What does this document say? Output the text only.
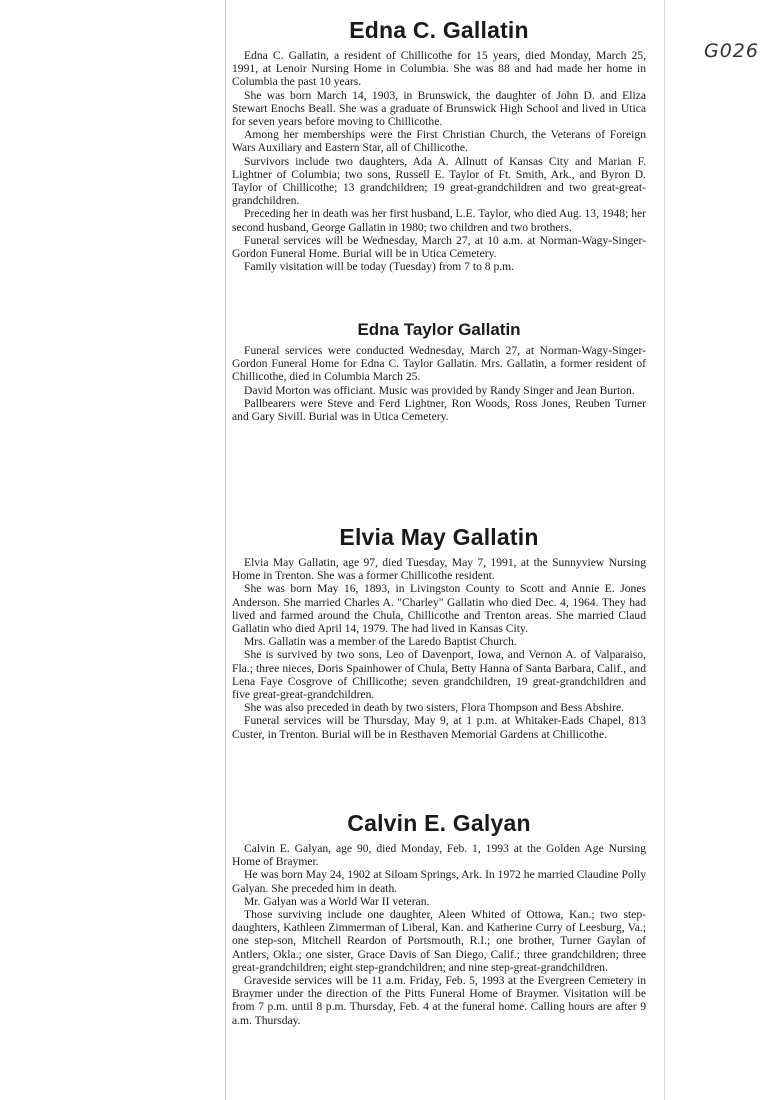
G026
Edna C. Gallatin

Edna C. Gallatin, a resident of Chillicothe for 15 years, died Monday, March 25, 1991, at Lenoir Nursing Home in Columbia. She was 88 and had made her home in Columbia the past 10 years.

She was born March 14, 1903, in Brunswick, the daughter of John D. and Eliza Stewart Enochs Beall. She was a graduate of Brunswick High School and lived in Utica for seven years before moving to Chillicothe.

Among her memberships were the First Christian Church, the Veterans of Foreign Wars Auxiliary and Eastern Star, all of Chillicothe.

Survivors include two daughters, Ada A. Allnutt of Kansas City and Marian F. Lightner of Columbia; two sons, Russell E. Taylor of Ft. Smith, Ark., and Byron D. Taylor of Chillicothe; 13 grandchildren; 19 great-grandchildren and two great-great-grandchildren.

Preceding her in death was her first husband, L.E. Taylor, who died Aug. 13, 1948; her second husband, George Gallatin in 1980; two children and two brothers.

Funeral services will be Wednesday, March 27, at 10 a.m. at Norman-Wagy-Singer-Gordon Funeral Home. Burial will be in Utica Cemetery.

Family visitation will be today (Tuesday) from 7 to 8 p.m.

Edna Taylor Gallatin

Funeral services were conducted Wednesday, March 27, at Norman-Wagy-Singer-Gordon Funeral Home for Edna C. Taylor Gallatin. Mrs. Gallatin, a former resident of Chillicothe, died in Columbia March 25.

David Morton was officiant. Music was provided by Randy Singer and Jean Burton.

Pallbearers were Steve and Ferd Lightner, Ron Woods, Ross Jones, Reuben Turner and Gary Sivill. Burial was in Utica Cemetery.

Elvia May Gallatin

Elvia May Gallatin, age 97, died Tuesday, May 7, 1991, at the Sunnyview Nursing Home in Trenton. She was a former Chillicothe resident.

She was born May 16, 1893, in Livingston County to Scott and Annie E. Jones Anderson. She married Charles A. "Charley" Gallatin who died Dec. 4, 1964. They had lived and farmed around the Chula, Chillicothe and Trenton areas. She married Claud Gallatin who died April 14, 1979. The had lived in Kansas City.

Mrs. Gallatin was a member of the Laredo Baptist Church.

She is survived by two sons, Leo of Davenport, Iowa, and Vernon A. of Valparaiso, Fla.; three nieces, Doris Spainhower of Chula, Betty Hanna of Santa Barbara, Calif., and Lena Faye Cosgrove of Chillicothe; seven grandchildren, 19 great-grandchildren and five great-great-grandchildren.

She was also preceded in death by two sisters, Flora Thompson and Bess Abshire.

Funeral services will be Thursday, May 9, at 1 p.m. at Whitaker-Eads Chapel, 813 Custer, in Trenton. Burial will be in Resthaven Memorial Gardens at Chillicothe.

Calvin E. Galyan

Calvin E. Galyan, age 90, died Monday, Feb. 1, 1993 at the Golden Age Nursing Home of Braymer.

He was born May 24, 1902 at Siloam Springs, Ark. In 1972 he married Claudine Polly Galyan. She preceded him in death.

Mr. Galyan was a World War II veteran.

Those surviving include one daughter, Aleen Whited of Ottowa, Kan.; two step-daughters, Kathleen Zimmerman of Liberal, Kan. and Katherine Curry of Leesburg, Va.; one step-son, Mitchell Reardon of Portsmouth, R.I.; one brother, Turner Gaylan of Antlers, Okla.; one sister, Grace Davis of San Diego, Calif.; three grandchildren; three great-grandchildren; eight step-grandchildren; and nine step-great-grandchildren.

Graveside services will be 11 a.m. Friday, Feb. 5, 1993 at the Evergreen Cemetery in Braymer under the direction of the Pitts Funeral Home of Braymer. Visitation will be from 7 p.m. until 8 p.m. Thursday, Feb. 4 at the funeral home. Calling hours are after 9 a.m. Thursday.
